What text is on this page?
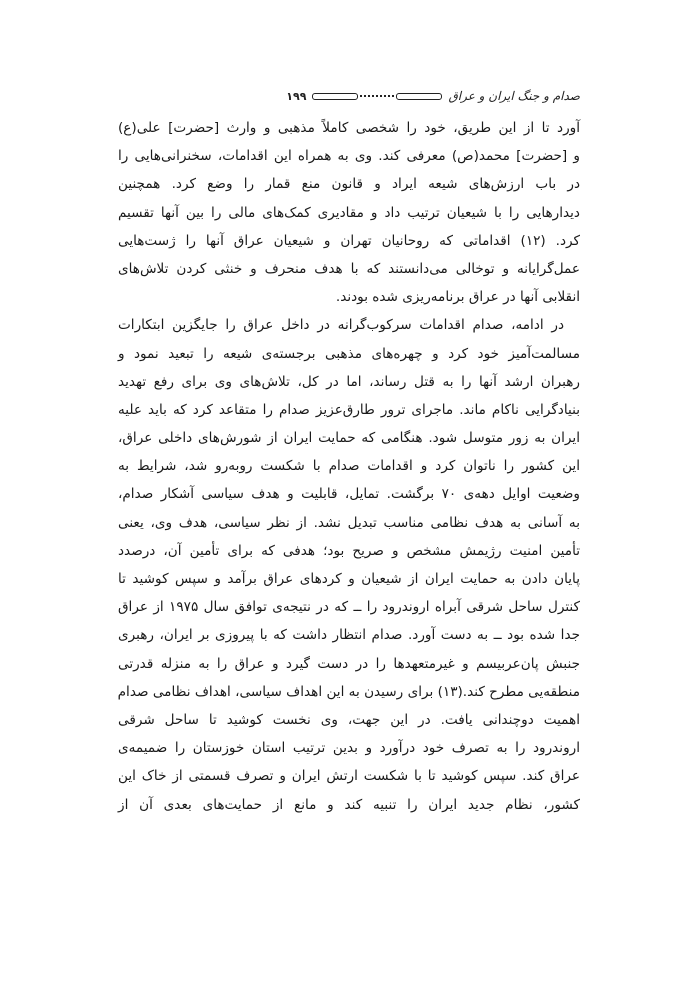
صدام و جنگ ایران و عراق
۱۹۹
آورد تا از این طریق، خود را شخصی کاملاً مذهبی و وارث [حضرت] علی(ع)
و [حضرت] محمد(ص) معرفی کند. وی به همراه این اقدامات، سخنرانی‌هایی را
در باب ارزش‌های شیعه ایراد و قانون منع قمار را وضع کرد. همچنین
دیدارهایی را با شیعیان ترتیب داد و مقادیری کمک‌های مالی را بین آنها تقسیم
کرد. (۱۲) اقداماتی که روحانیان تهران و شیعیان عراق آنها را ژست‌هایی
عمل‌گرایانه و توخالی می‌دانستند که با هدف منحرف و خنثی کردن تلاش‌های
انقلابی آنها در عراق برنامه‌ریزی شده بودند.
در ادامه، صدام اقدامات سرکوب‌گرانه در داخل عراق را جایگزین ابتکارات
مسالمت‌آمیز خود کرد و چهره‌های مذهبی برجسته‌ی شیعه را تبعید نمود و
رهبران ارشد آنها را به قتل رساند، اما در کل، تلاش‌های وی برای رفع تهدید
بنیادگرایی ناکام ماند. ماجرای ترور طارق‌عزیز صدام را متقاعد کرد که باید علیه
ایران به زور متوسل شود. هنگامی که حمایت ایران از شورش‌های داخلی عراق،
این کشور را ناتوان کرد و اقدامات صدام با شکست روبه‌رو شد، شرایط به
وضعیت اوایل دهه‌ی ۷۰ برگشت. تمایل، قابلیت و هدف سیاسی آشکار صدام،
به آسانی به هدف نظامی مناسب تبدیل نشد. از نظر سیاسی، هدف وی، یعنی
تأمین امنیت رژیمش مشخص و صریح بود؛ هدفی که برای تأمین آن، درصدد
پایان دادن به حمایت ایران از شیعیان و کردهای عراق برآمد و سپس کوشید تا
کنترل ساحل شرقی آبراه اروندرود را ــ که در نتیجه‌ی توافق سال ۱۹۷۵ از عراق
جدا شده بود ــ به دست آورد. صدام انتظار داشت که با پیروزی بر ایران، رهبری
جنبش پان‌عربیسم و غیرمتعهدها را در دست گیرد و عراق را به منزله قدرتی
منطقه‌یی مطرح کند.(۱۳) برای رسیدن به این اهداف سیاسی، اهداف نظامی صدام
اهمیت دوچندانی یافت. در این جهت، وی نخست کوشید تا ساحل شرقی
اروندرود را به تصرف خود درآورد و بدین ترتیب استان خوزستان را ضمیمه‌ی
عراق کند. سپس کوشید تا با شکست ارتش ایران و تصرف قسمتی از خاک این
کشور، نظام جدید ایران را تنبیه کند و مانع از حمایت‌های بعدی آن از
